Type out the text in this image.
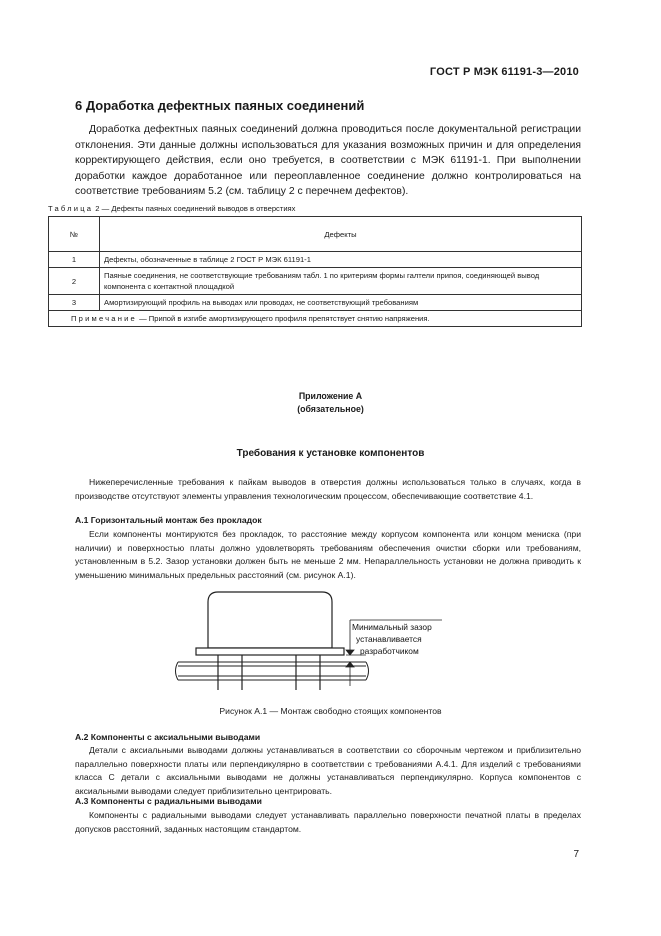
ГОСТ Р МЭК 61191-3—2010
6 Доработка дефектных паяных соединений
Доработка дефектных паяных соединений должна проводиться после документальной регистрации отклонения. Эти данные должны использоваться для указания возможных причин и для определения корректирующего действия, если оно требуется, в соответствии с МЭК 61191-1. При выполнении доработки каждое доработанное или переоплавленное соединение должно контролироваться на соответствие требованиям 5.2 (см. таблицу 2 с перечнем дефектов).
Таблица 2 — Дефекты паяных соединений выводов в отверстиях
№	Дефекты
1	Дефекты, обозначенные в таблице 2 ГОСТ Р МЭК 61191-1
2	Паяные соединения, не соответствующие требованиям табл. 1 по критериям формы галтели припоя, соединяющей вывод компонента с контактной площадкой
3	Амортизирующий профиль на выводах или проводах, не соответствующий требованиям
Примечание — Припой в изгибе амортизирующего профиля препятствует снятию напряжения.	
Приложение А
(обязательное)
Требования к установке компонентов
Нижеперечисленные требования к пайкам выводов в отверстия должны использоваться только в случаях, когда в производстве отсутствуют элементы управления технологическим процессом, обеспечивающие соответствие 4.1.
А.1 Горизонтальный монтаж без прокладок
Если компоненты монтируются без прокладок, то расстояние между корпусом компонента или концом мениска (при наличии) и поверхностью платы должно удовлетворять требованиям обеспечения очистки сборки или требованиям, установленным в 5.2. Зазор установки должен быть не меньше 2 мм. Непараллельность установки не должна приводить к уменьшению минимальных предельных расстояний (см. рисунок А.1).
Минимальный зазор
устанавливается
разработчиком
Рисунок А.1 — Монтаж свободно стоящих компонентов
А.2 Компоненты с аксиальными выводами
Детали с аксиальными выводами должны устанавливаться в соответствии со сборочным чертежом и приблизительно параллельно поверхности платы или перпендикулярно в соответствии с требованиями А.4.1. Для изделий с требованиями класса С детали с аксиальными выводами не должны устанавливаться перпендикулярно. Корпуса компонентов с аксиальными выводами следует приблизительно центрировать.
А.3 Компоненты с радиальными выводами
Компоненты с радиальными выводами следует устанавливать параллельно поверхности печатной платы в пределах допусков расстояний, заданных настоящим стандартом.
7
